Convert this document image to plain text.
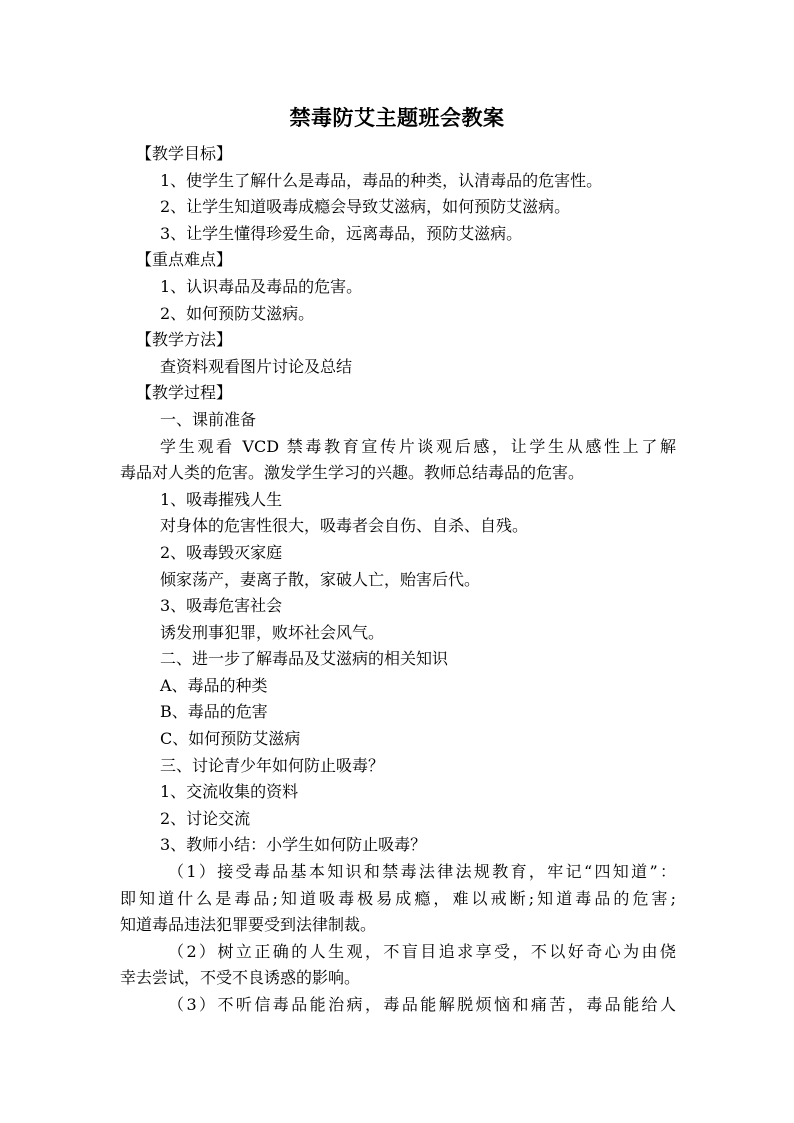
禁毒防艾主题班会教案
【教学目标】
1、使学生了解什么是毒品，毒品的种类，认清毒品的危害性。
2、让学生知道吸毒成瘾会导致艾滋病，如何预防艾滋病。
3、让学生懂得珍爱生命，远离毒品，预防艾滋病。
【重点难点】
1、认识毒品及毒品的危害。
2、如何预防艾滋病。
【教学方法】
查资料观看图片讨论及总结
【教学过程】
一、课前准备
学生观看 VCD 禁毒教育宣传片谈观后感，让学生从感性上了解
毒品对人类的危害。激发学生学习的兴趣。教师总结毒品的危害。
1、吸毒摧残人生
对身体的危害性很大，吸毒者会自伤、自杀、自残。
2、吸毒毁灭家庭
倾家荡产，妻离子散，家破人亡，贻害后代。
3、吸毒危害社会
诱发刑事犯罪，败坏社会风气。
二、进一步了解毒品及艾滋病的相关知识
A、毒品的种类
B、毒品的危害
C、如何预防艾滋病
三、讨论青少年如何防止吸毒？
1、交流收集的资料
2、讨论交流
3、教师小结：小学生如何防止吸毒？
（1）接受毒品基本知识和禁毒法律法规教育，牢记“四知道”：
即知道什么是毒品;知道吸毒极易成瘾，难以戒断;知道毒品的危害;
知道毒品违法犯罪要受到法律制裁。
（2）树立正确的人生观，不盲目追求享受，不以好奇心为由侥
幸去尝试，不受不良诱惑的影响。
（3）不听信毒品能治病，毒品能解脱烦恼和痛苦，毒品能给人
